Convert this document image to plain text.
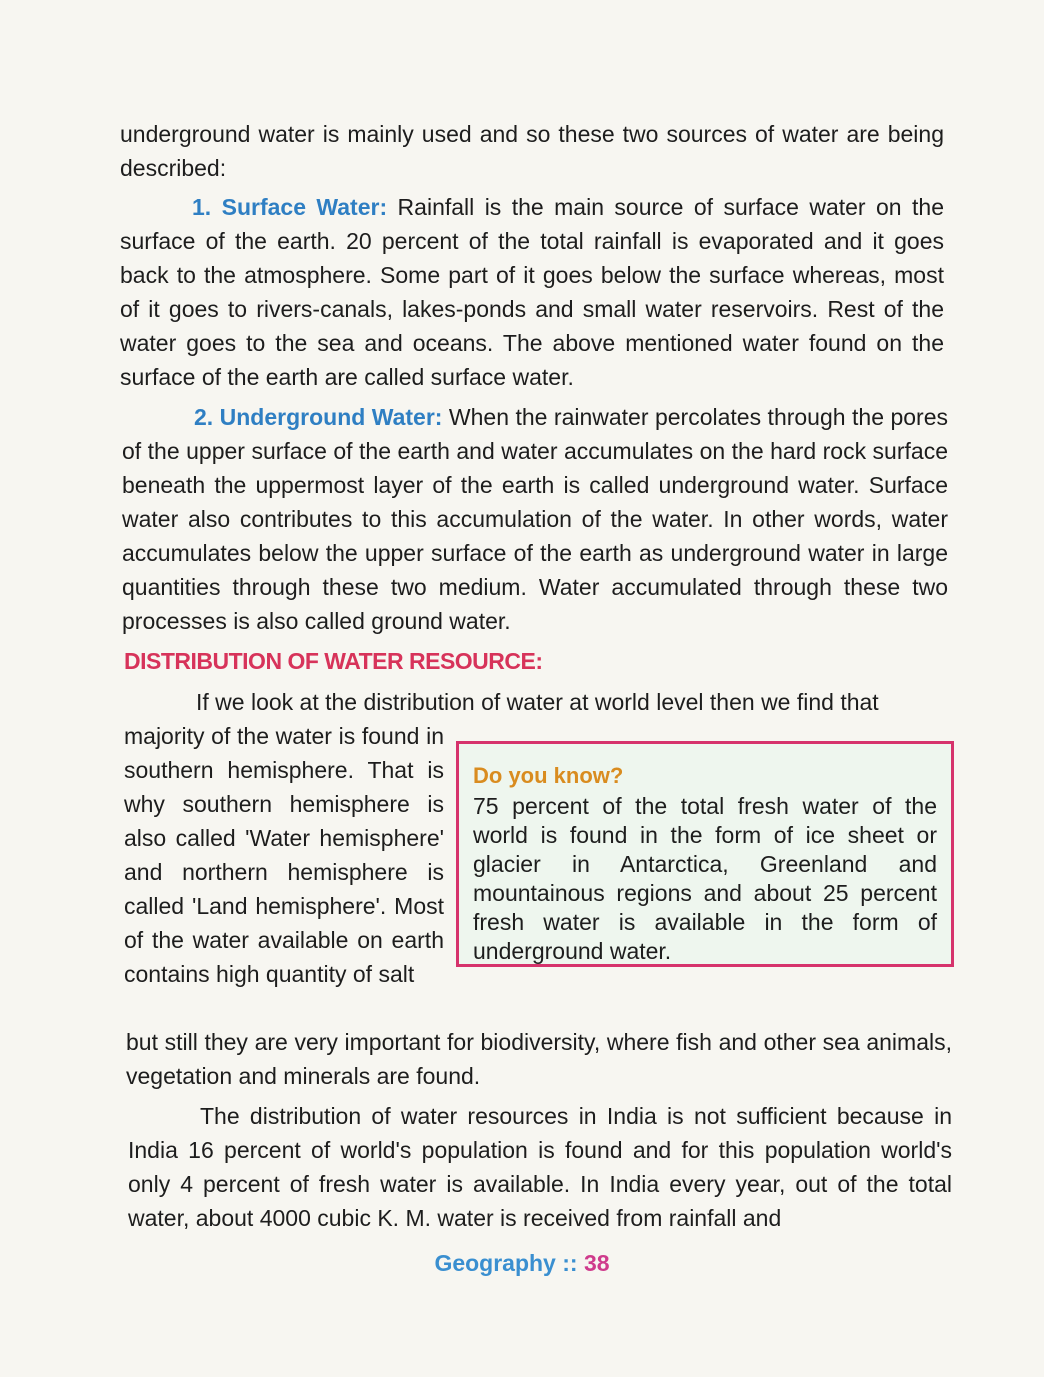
underground water is mainly used and so these two sources of water are being described:

1. Surface Water: Rainfall is the main source of surface water on the surface of the earth. 20 percent of the total rainfall is evaporated and it goes back to the atmosphere. Some part of it goes below the surface whereas, most of it goes to rivers-canals, lakes-ponds and small water reservoirs. Rest of the water goes to the sea and oceans. The above mentioned water found on the surface of the earth are called surface water.

2. Underground Water: When the rainwater percolates through the pores of the upper surface of the earth and water accumulates on the hard rock surface beneath the uppermost layer of the earth is called underground water. Surface water also contributes to this accumulation of the water. In other words, water accumulates below the upper surface of the earth as underground water in large quantities through these two medium. Water accumulated through these two processes is also called ground water.

DISTRIBUTION OF WATER RESOURCE:

If we look at the distribution of water at world level then we find that

majority of the water is found in southern hemisphere. That is why southern hemisphere is also called 'Water hemisphere' and northern hemisphere is called 'Land hemisphere'. Most of the water available on earth contains high quantity of salt

Do you know?

75 percent of the total fresh water of the world is found in the form of ice sheet or glacier in Antarctica, Greenland and mountainous regions and about 25 percent fresh water is available in the form of underground water.

but still they are very important for biodiversity, where fish and other sea animals, vegetation and minerals are found.

The distribution of water resources in India is not sufficient because in India 16 percent of world's population is found and for this population world's only 4 percent of fresh water is available. In India every year, out of the total water, about 4000 cubic K. M. water is received from rainfall and

Geography :: 38
